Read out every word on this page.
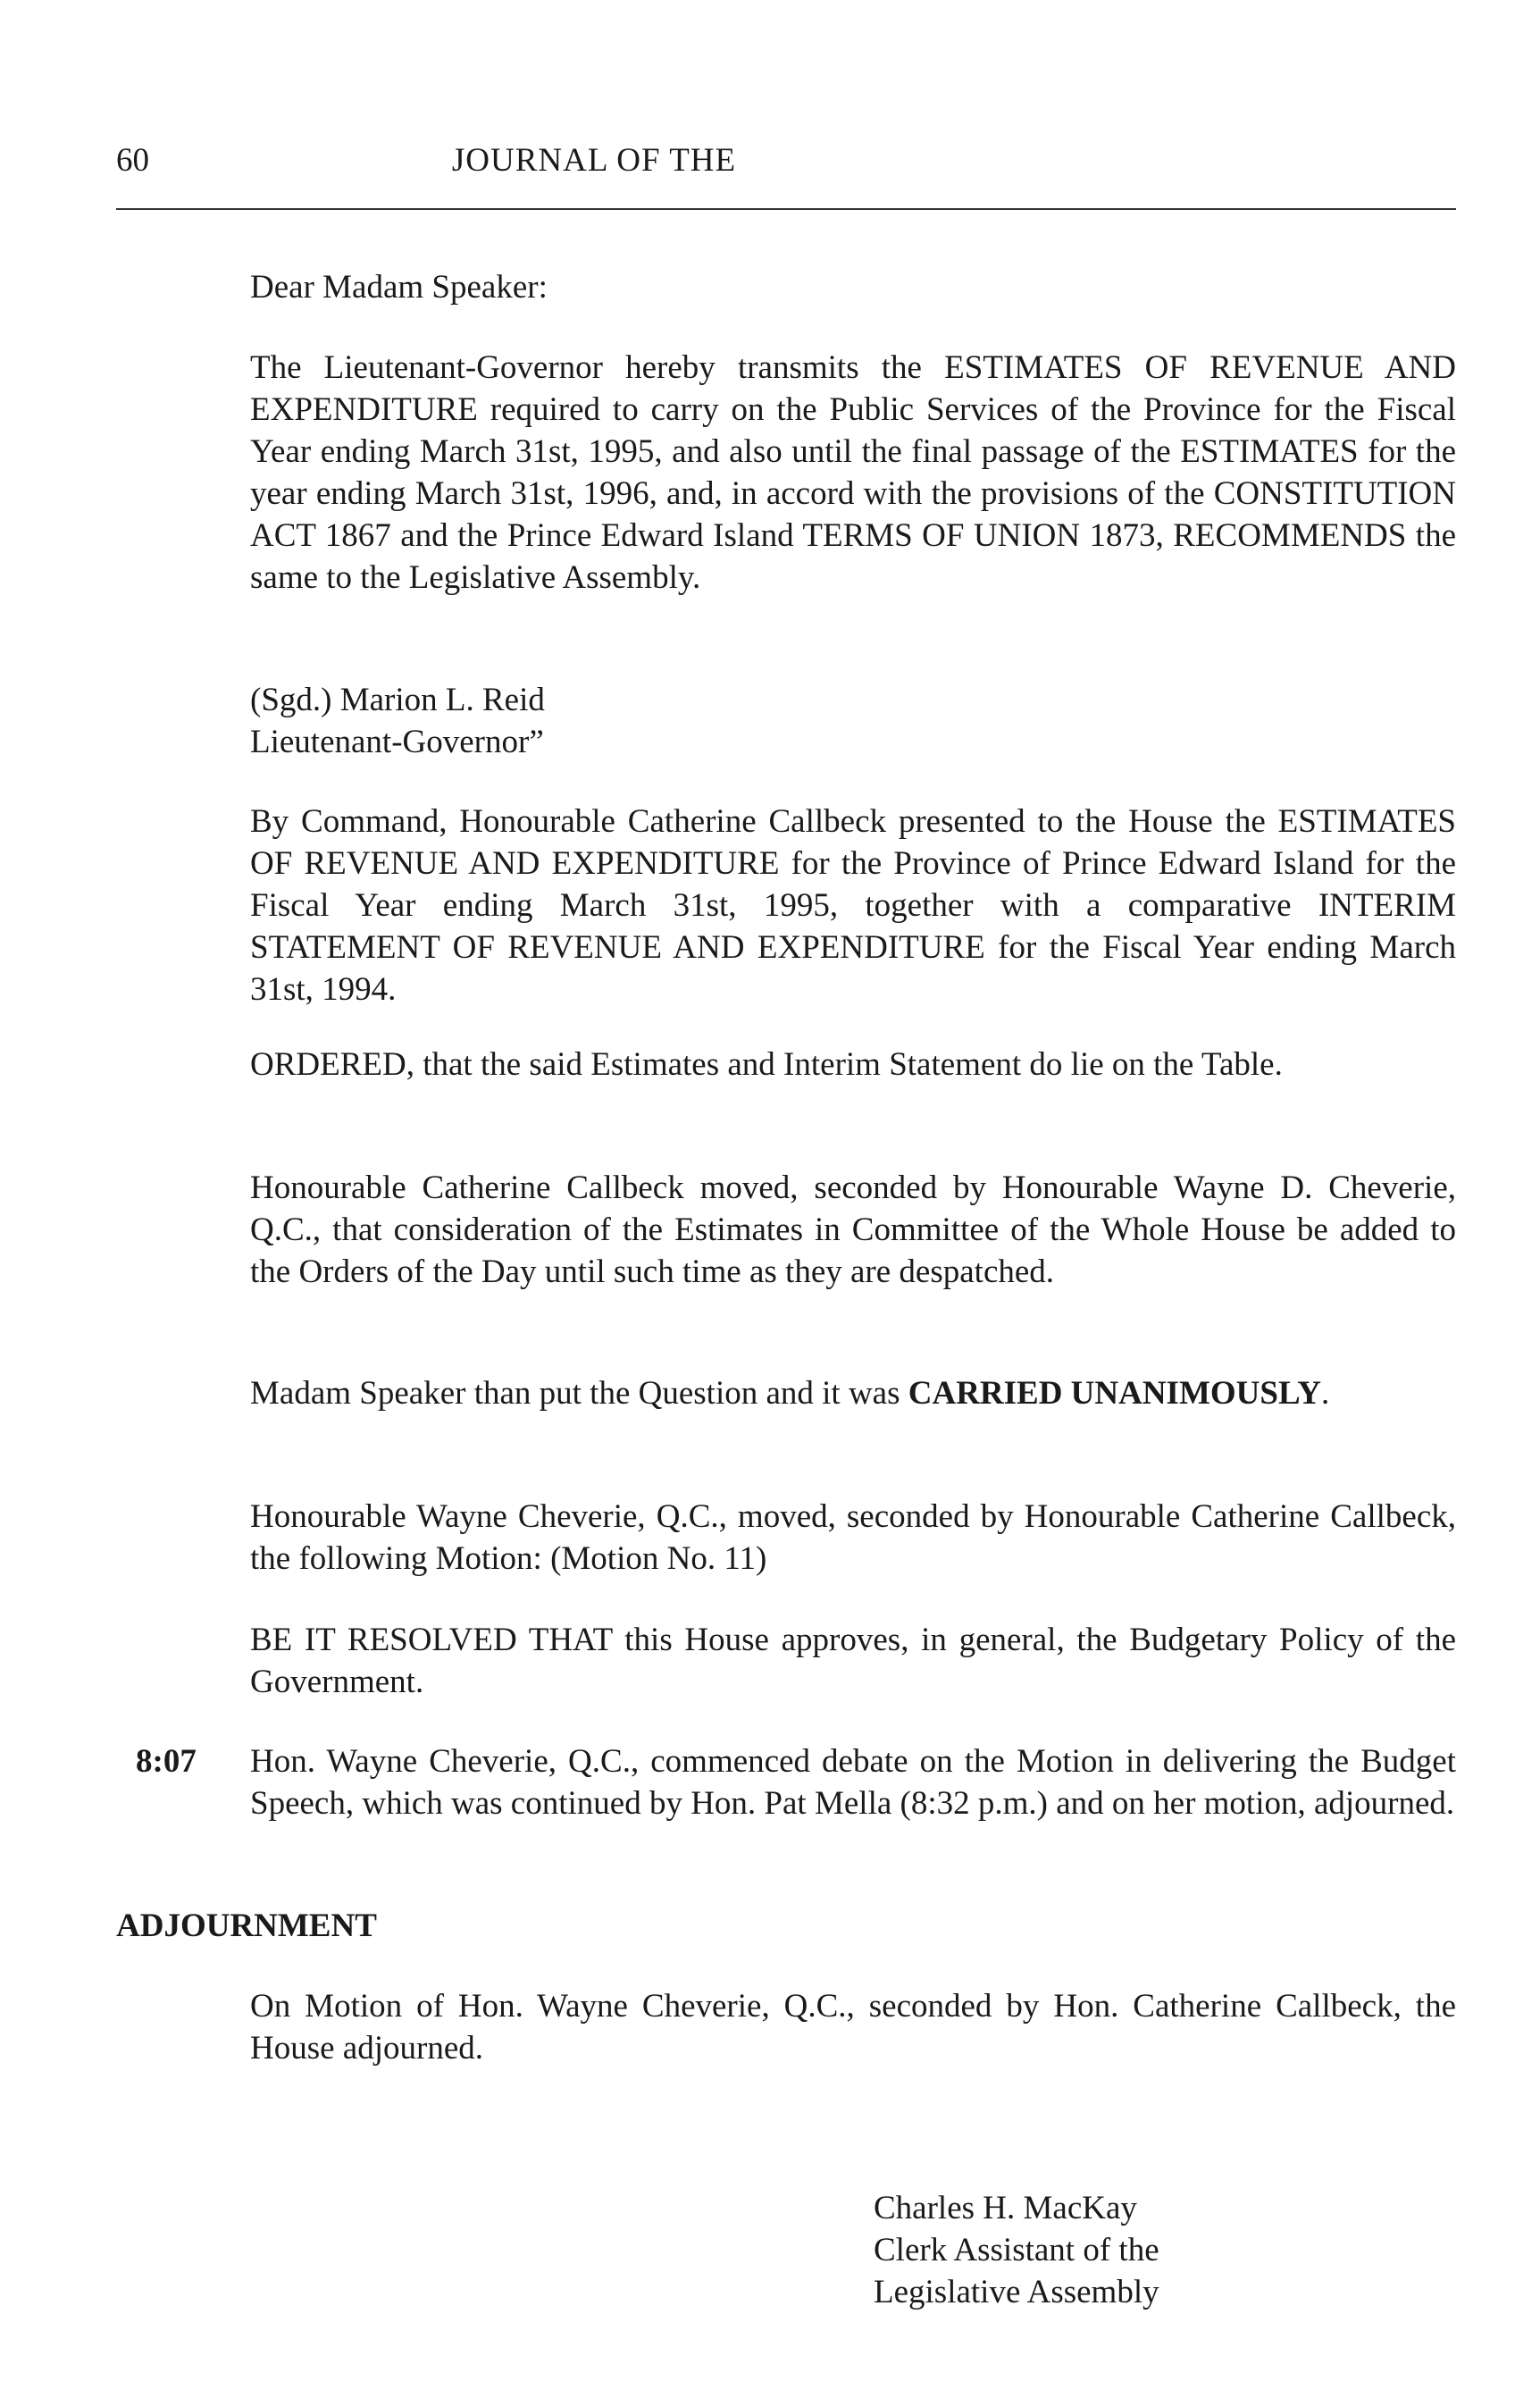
60	JOURNAL OF THE

Dear Madam Speaker:

The Lieutenant-Governor hereby transmits the ESTIMATES OF REVENUE AND EXPENDITURE required to carry on the Public Services of the Province for the Fiscal Year ending March 31st, 1995, and also until the final passage of the ESTIMATES for the year ending March 31st, 1996, and, in accord with the provisions of the CONSTITUTION ACT 1867 and the Prince Edward Island TERMS OF UNION 1873, RECOMMENDS the same to the Legislative Assembly.

(Sgd.) Marion L. Reid
Lieutenant-Governor”

By Command, Honourable Catherine Callbeck presented to the House the ESTIMATES OF REVENUE AND EXPENDITURE for the Province of Prince Edward Island for the Fiscal Year ending March 31st, 1995, together with a comparative INTERIM STATEMENT OF REVENUE AND EXPENDITURE for the Fiscal Year ending March 31st, 1994.

ORDERED, that the said Estimates and Interim Statement do lie on the Table.

Honourable Catherine Callbeck moved, seconded by Honourable Wayne D. Cheverie, Q.C., that consideration of the Estimates in Committee of the Whole House be added to the Orders of the Day until such time as they are despatched.

Madam Speaker than put the Question and it was CARRIED UNANIMOUSLY.

Honourable Wayne Cheverie, Q.C., moved, seconded by Honourable Catherine Callbeck, the following Motion: (Motion No. 11)

BE IT RESOLVED THAT this House approves, in general, the Budgetary Policy of the Government.

8:07 Hon. Wayne Cheverie, Q.C., commenced debate on the Motion in delivering the Budget Speech, which was continued by Hon. Pat Mella (8:32 p.m.) and on her motion, adjourned.

ADJOURNMENT

On Motion of Hon. Wayne Cheverie, Q.C., seconded by Hon. Catherine Callbeck, the House adjourned.

Charles H. MacKay
Clerk Assistant of the
Legislative Assembly
